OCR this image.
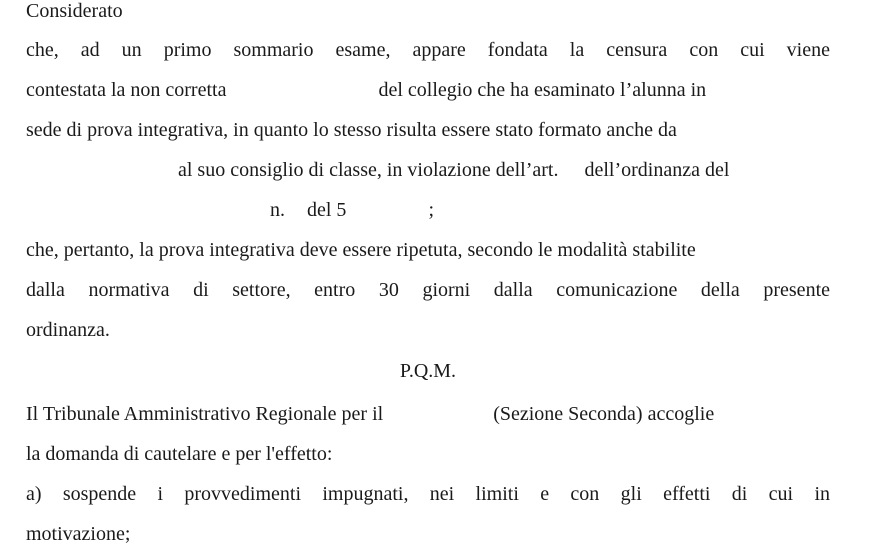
Considerato
che, ad un primo sommario esame, appare fondata la censura con cui viene
contestata la non corretta	del collegio che ha esaminato l’alunna in
sede di prova integrativa, in quanto lo stesso risulta essere stato formato anche da
al suo consiglio di classe, in violazione dell’art. dell’ordinanza del
n. del 5	;
che, pertanto, la prova integrativa deve essere ripetuta, secondo le modalità stabilite
dalla normativa di settore, entro 30 giorni dalla comunicazione della presente
ordinanza.
P.Q.M.
Il Tribunale Amministrativo Regionale per il	(Sezione Seconda) accoglie
la domanda di cautelare e per l'effetto:
a) sospende i provvedimenti impugnati, nei limiti e con gli effetti di cui in
motivazione;
